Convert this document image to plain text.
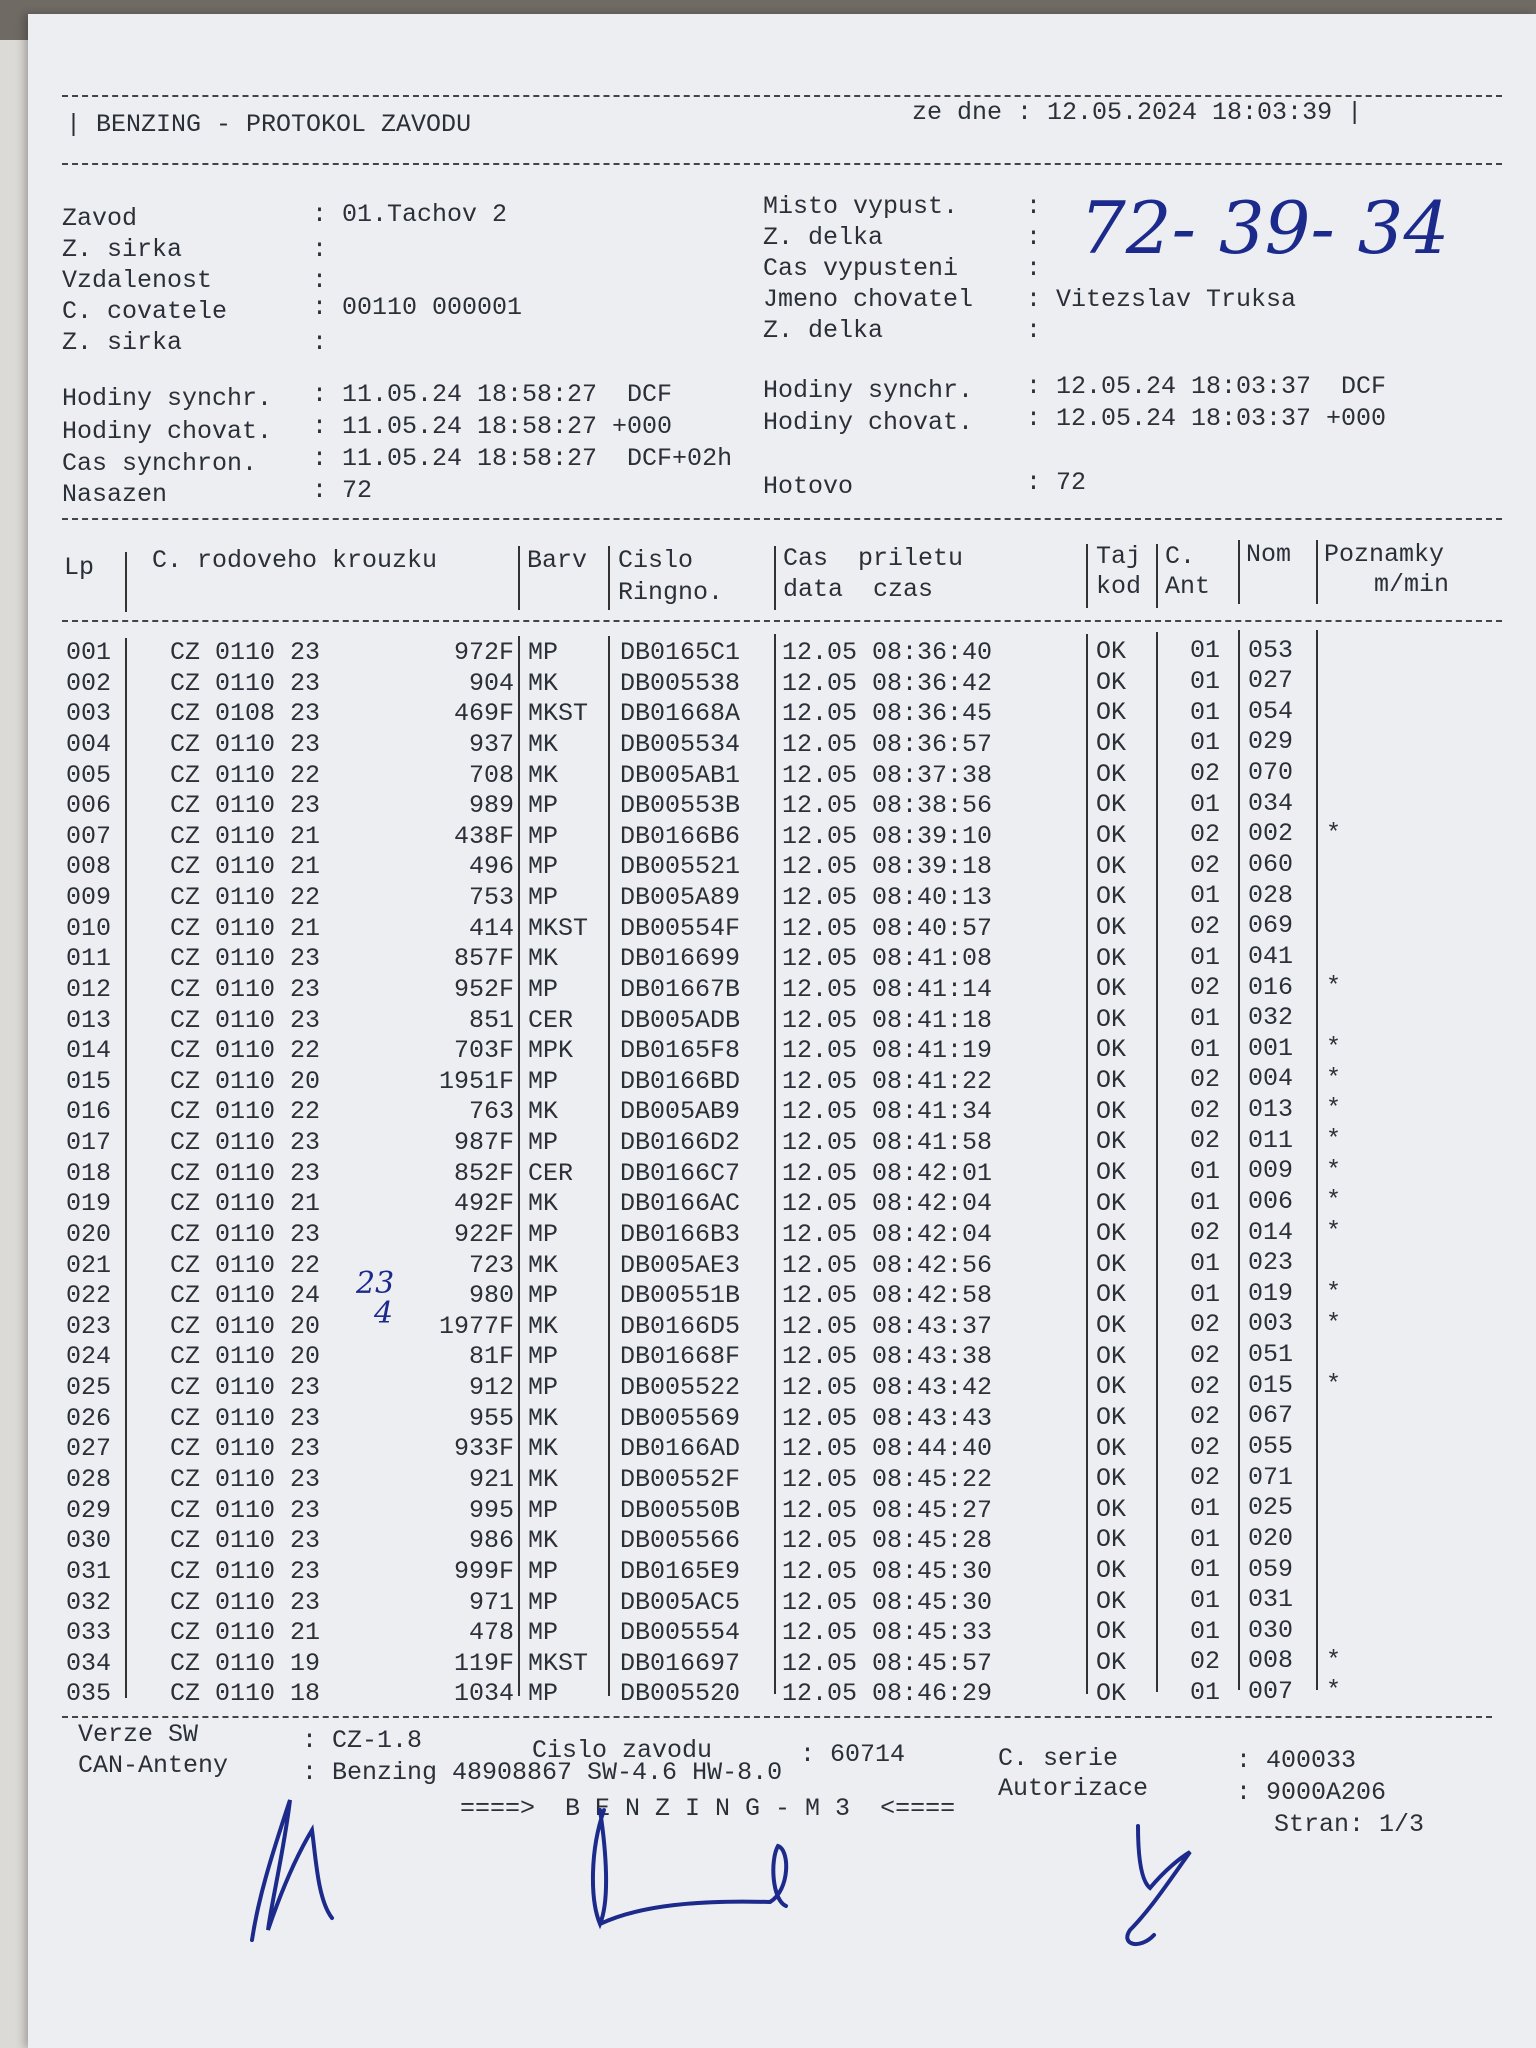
| BENZING - PROTOKOL ZAVODU	ze dne : 12.05.2024 18:03:39 |
Zavod	: 01.Tachov 2
Z. sirka	:
Vzdalenost	:
C. covatele	: 00110 000001
Z. sirka	:
Misto vypust.	:
Z. delka	:
Cas vypusteni	:
Jmeno chovatel : Vitezslav Truksa
Z. delka	:
72- 39- 34
Hodiny synchr. : 11.05.24 18:58:27  DCF
Hodiny chovat. : 11.05.24 18:58:27 +000
Cas synchron. : 11.05.24 18:58:27  DCF+02h
Nasazen	: 72
Hodiny synchr. : 12.05.24 18:03:37  DCF
Hodiny chovat. : 12.05.24 18:03:37 +000
Hotovo	: 72
Lp C. rodoveho krouzku	Barv Cislo
Ringno.
Cas  priletu
data  czas
Taj
kod
C.
Ant
Nom Poznamky
m/min
001 CZ 0110 23	972F MP DB0165C1 12.05 08:36:40	OK	01 053
002 CZ 0110 23	904 MK DB005538 12.05 08:36:42	OK	01 027
003 CZ 0108 23	469F MKST DB01668A 12.05 08:36:45	OK	01 054
004 CZ 0110 23	937 MK DB005534 12.05 08:36:57	OK	01 029
005 CZ 0110 22	708 MK DB005AB1 12.05 08:37:38	OK	02 070
006 CZ 0110 23	989 MP DB00553B 12.05 08:38:56	OK	01 034
007 CZ 0110 21	438F MP DB0166B6 12.05 08:39:10	OK	02 002 *
008 CZ 0110 21	496 MP DB005521 12.05 08:39:18	OK	02 060
009 CZ 0110 22	753 MP DB005A89 12.05 08:40:13	OK	01 028
010 CZ 0110 21	414 MKST DB00554F 12.05 08:40:57	OK	02 069
011 CZ 0110 23	857F MK DB016699 12.05 08:41:08	OK	01 041
012 CZ 0110 23	952F MP DB01667B 12.05 08:41:14	OK	02 016 *
013 CZ 0110 23	851 CER DB005ADB 12.05 08:41:18	OK	01 032
014 CZ 0110 22	703F MPK DB0165F8 12.05 08:41:19	OK	01 001 *
015 CZ 0110 20	1951F MP DB0166BD 12.05 08:41:22	OK	02 004 *
016 CZ 0110 22	763 MK DB005AB9 12.05 08:41:34	OK	02 013 *
017 CZ 0110 23	987F MP DB0166D2 12.05 08:41:58	OK	02 011 *
018 CZ 0110 23	852F CER DB0166C7 12.05 08:42:01	OK	01 009 *
019 CZ 0110 21	492F MK DB0166AC 12.05 08:42:04	OK	01 006 *
020 CZ 0110 23	922F MP DB0166B3 12.05 08:42:04	OK	02 014 *
021 CZ 0110 22	723 MK DB005AE3 12.05 08:42:56	OK	01 023
022 CZ 0110 24	980 MP DB00551B 12.05 08:42:58	OK	01 019 *
023 CZ 0110 20	1977F MK DB0166D5 12.05 08:43:37	OK	02 003 *
024 CZ 0110 20	81F MP DB01668F 12.05 08:43:38	OK	02 051
025 CZ 0110 23	912 MP DB005522 12.05 08:43:42	OK	02 015 *
026 CZ 0110 23	955 MK DB005569 12.05 08:43:43	OK	02 067
027 CZ 0110 23	933F MK DB0166AD 12.05 08:44:40	OK	02 055
028 CZ 0110 23	921 MK DB00552F 12.05 08:45:22	OK	02 071
029 CZ 0110 23	995 MP DB00550B 12.05 08:45:27	OK	01 025
030 CZ 0110 23	986 MK DB005566 12.05 08:45:28	OK	01 020
031 CZ 0110 23	999F MP DB0165E9 12.05 08:45:30	OK	01 059
032 CZ 0110 23	971 MP DB005AC5 12.05 08:45:30	OK	01 031
033 CZ 0110 21	478 MP DB005554 12.05 08:45:33	OK	01 030
034 CZ 0110 19	119F MKST DB016697 12.05 08:45:57	OK	02 008 *
035 CZ 0110 18	1034 MP DB005520 12.05 08:46:29	OK	01 007 *
23
4
Verze SW	: CZ-1.8
CAN-Anteny	: Benzing 48908867 SW-4.6 HW-8.0
Cislo zavodu	: 60714	C. serie	: 400033
Autorizace	: 9000A206
====>  B E N Z I N G - M 3  <====
Stran: 1/3
